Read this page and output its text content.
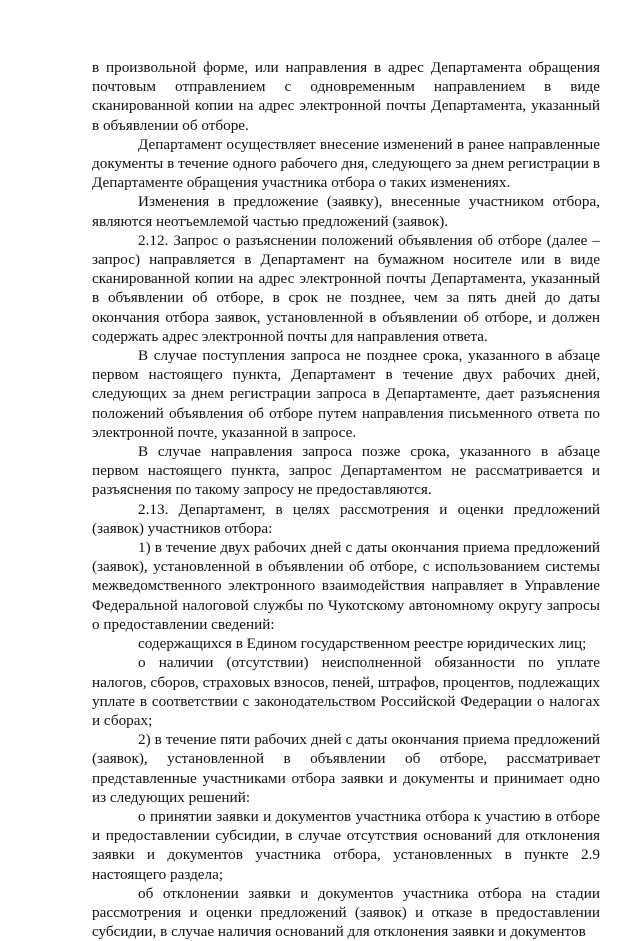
в произвольной форме, или направления в адрес Департамента обращения почтовым отправлением с одновременным направлением в виде сканированной копии на адрес электронной почты Департамента, указанный в объявлении об отборе.

Департамент осуществляет внесение изменений в ранее направленные документы в течение одного рабочего дня, следующего за днем регистрации в Департаменте обращения участника отбора о таких изменениях.

Изменения в предложение (заявку), внесенные участником отбора, являются неотъемлемой частью предложений (заявок).

2.12. Запрос о разъяснении положений объявления об отборе (далее – запрос) направляется в Департамент на бумажном носителе или в виде сканированной копии на адрес электронной почты Департамента, указанный в объявлении об отборе, в срок не позднее, чем за пять дней до даты окончания отбора заявок, установленной в объявлении об отборе, и должен содержать адрес электронной почты для направления ответа.

В случае поступления запроса не позднее срока, указанного в абзаце первом настоящего пункта, Департамент в течение двух рабочих дней, следующих за днем регистрации запроса в Департаменте, дает разъяснения положений объявления об отборе путем направления письменного ответа по электронной почте, указанной в запросе.

В случае направления запроса позже срока, указанного в абзаце первом настоящего пункта, запрос Департаментом не рассматривается и разъяснения по такому запросу не предоставляются.

2.13. Департамент, в целях рассмотрения и оценки предложений (заявок) участников отбора:

1) в течение двух рабочих дней с даты окончания приема предложений (заявок), установленной в объявлении об отборе, с использованием системы межведомственного электронного взаимодействия направляет в Управление Федеральной налоговой службы по Чукотскому автономному округу запросы о предоставлении сведений:

содержащихся в Едином государственном реестре юридических лиц;

о наличии (отсутствии) неисполненной обязанности по уплате налогов, сборов, страховых взносов, пеней, штрафов, процентов, подлежащих уплате в соответствии с законодательством Российской Федерации о налогах и сборах;

2) в течение пяти рабочих дней с даты окончания приема предложений (заявок), установленной в объявлении об отборе, рассматривает представленные участниками отбора заявки и документы и принимает одно из следующих решений:

о принятии заявки и документов участника отбора к участию в отборе и предоставлении субсидии, в случае отсутствия оснований для отклонения заявки и документов участника отбора, установленных в пункте 2.9 настоящего раздела;

об отклонении заявки и документов участника отбора на стадии рассмотрения и оценки предложений (заявок) и отказе в предоставлении субсидии, в случае наличия оснований для отклонения заявки и документов
